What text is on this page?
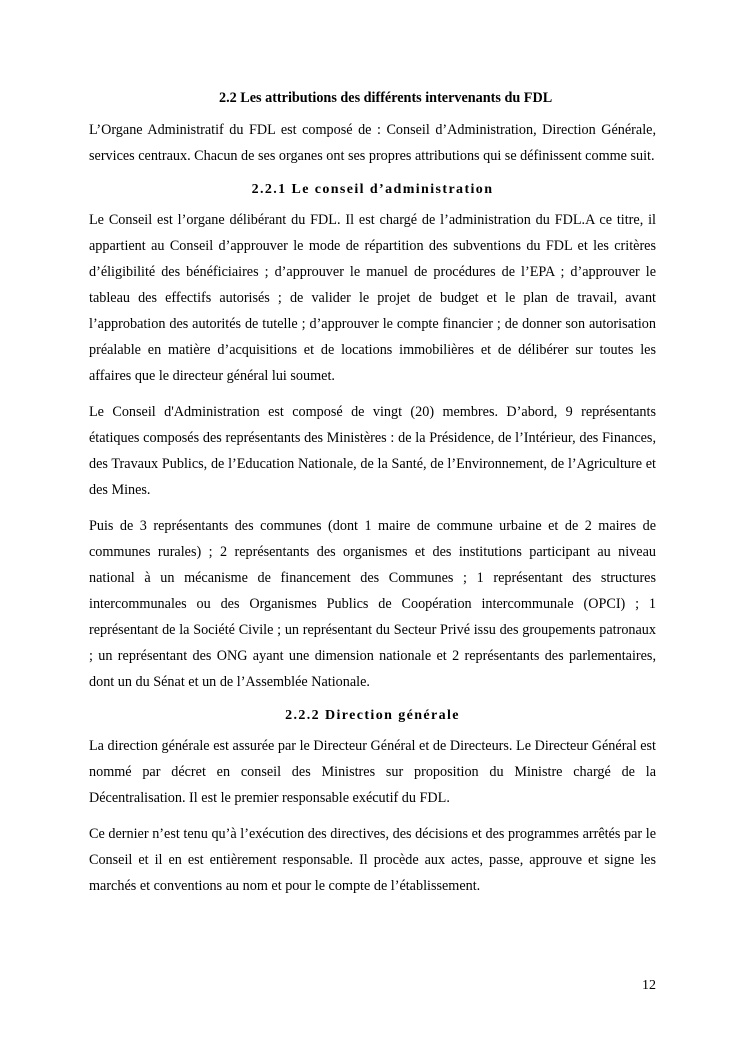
2.2 Les attributions des différents intervenants du FDL

L’Organe Administratif du FDL est composé de : Conseil d’Administration, Direction Générale, services centraux. Chacun de ses organes ont ses propres attributions qui se définissent comme suit.

2.2.1 Le conseil d’administration

Le Conseil est l’organe délibérant du FDL. Il est chargé de l’administration du FDL.A ce titre, il appartient au Conseil d’approuver le mode de répartition des subventions du FDL et les critères d’éligibilité des bénéficiaires ; d’approuver le manuel de procédures de l’EPA ; d’approuver le tableau des effectifs autorisés ; de valider le projet de budget et le plan de travail, avant l’approbation des autorités de tutelle ; d’approuver le compte financier ; de donner son autorisation préalable en matière d’acquisitions et de locations immobilières et de délibérer sur toutes les affaires que le directeur général lui soumet.

Le Conseil d'Administration est composé de vingt (20) membres. D’abord, 9 représentants étatiques composés des représentants des Ministères : de la Présidence, de l’Intérieur, des Finances, des Travaux Publics, de l’Education Nationale, de la Santé, de l’Environnement, de l’Agriculture et des Mines.

Puis de 3 représentants des communes (dont 1 maire de commune urbaine et de 2 maires de communes rurales) ; 2 représentants des organismes et des institutions participant au niveau national à un mécanisme de financement des Communes ; 1 représentant des structures intercommunales ou des Organismes Publics de Coopération intercommunale (OPCI) ; 1 représentant de la Société Civile ; un représentant du Secteur Privé issu des groupements patronaux ; un représentant des ONG ayant une dimension nationale et 2 représentants des parlementaires, dont un du Sénat et un de l’Assemblée Nationale.

2.2.2 Direction générale

La direction générale est assurée par le Directeur Général et de Directeurs. Le Directeur Général est nommé par décret en conseil des Ministres sur proposition du Ministre chargé de la Décentralisation. Il est le premier responsable exécutif du FDL.

Ce dernier n’est tenu qu’à l’exécution des directives, des décisions et des programmes arrêtés par le Conseil et il en est entièrement responsable. Il procède aux actes, passe, approuve et signe les marchés et conventions au nom et pour le compte de l’établissement.

12
